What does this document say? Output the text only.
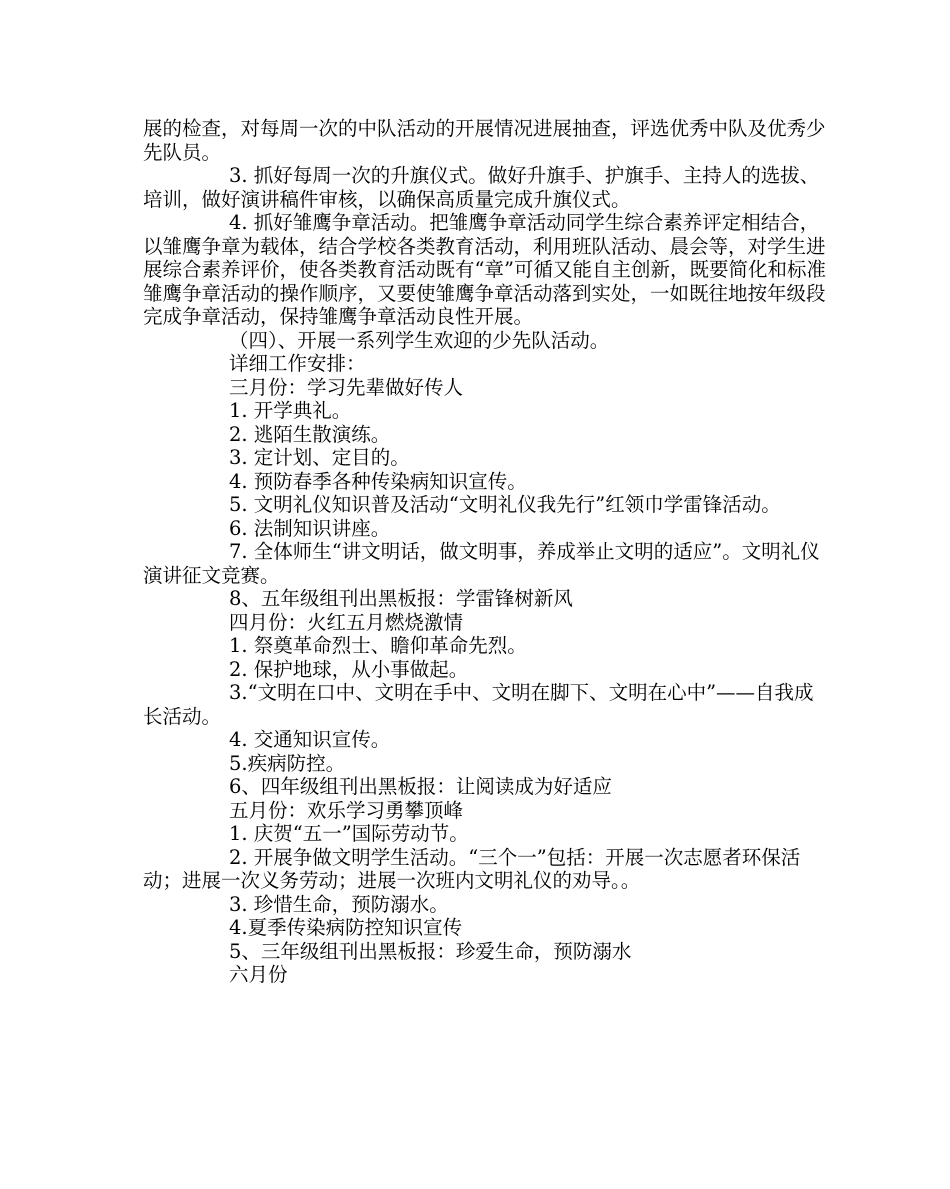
展的检查，对每周一次的中队活动的开展情况进展抽查，评选优秀中队及优秀少先队员。

3. 抓好每周一次的升旗仪式。做好升旗手、护旗手、主持人的选拔、培训，做好演讲稿件审核，以确保高质量完成升旗仪式。

4. 抓好雏鹰争章活动。把雏鹰争章活动同学生综合素养评定相结合，以雏鹰争章为载体，结合学校各类教育活动，利用班队活动、晨会等，对学生进展综合素养评价，使各类教育活动既有“章”可循又能自主创新，既要简化和标准雏鹰争章活动的操作顺序，又要使雏鹰争章活动落到实处，一如既往地按年级段完成争章活动，保持雏鹰争章活动良性开展。

（四）、开展一系列学生欢迎的少先队活动。

详细工作安排：

三月份：学习先辈做好传人

1. 开学典礼。

2. 逃陌生散演练。

3. 定计划、定目的。

4. 预防春季各种传染病知识宣传。

5. 文明礼仪知识普及活动“文明礼仪我先行”红领巾学雷锋活动。

6. 法制知识讲座。

7. 全体师生“讲文明话，做文明事，养成举止文明的适应”。文明礼仪演讲征文竞赛。

8、五年级组刊出黑板报：学雷锋树新风

四月份：火红五月燃烧激情

1. 祭奠革命烈士、瞻仰革命先烈。

2. 保护地球，从小事做起。

3.“文明在口中、文明在手中、文明在脚下、文明在心中”——自我成长活动。

4. 交通知识宣传。

5.疾病防控。

6、四年级组刊出黑板报：让阅读成为好适应

五月份：欢乐学习勇攀顶峰

1. 庆贺“五一”国际劳动节。

2. 开展争做文明学生活动。“三个一”包括：开展一次志愿者环保活动；进展一次义务劳动；进展一次班内文明礼仪的劝导。。

3. 珍惜生命，预防溺水。

4.夏季传染病防控知识宣传

5、三年级组刊出黑板报：珍爱生命，预防溺水

六月份
